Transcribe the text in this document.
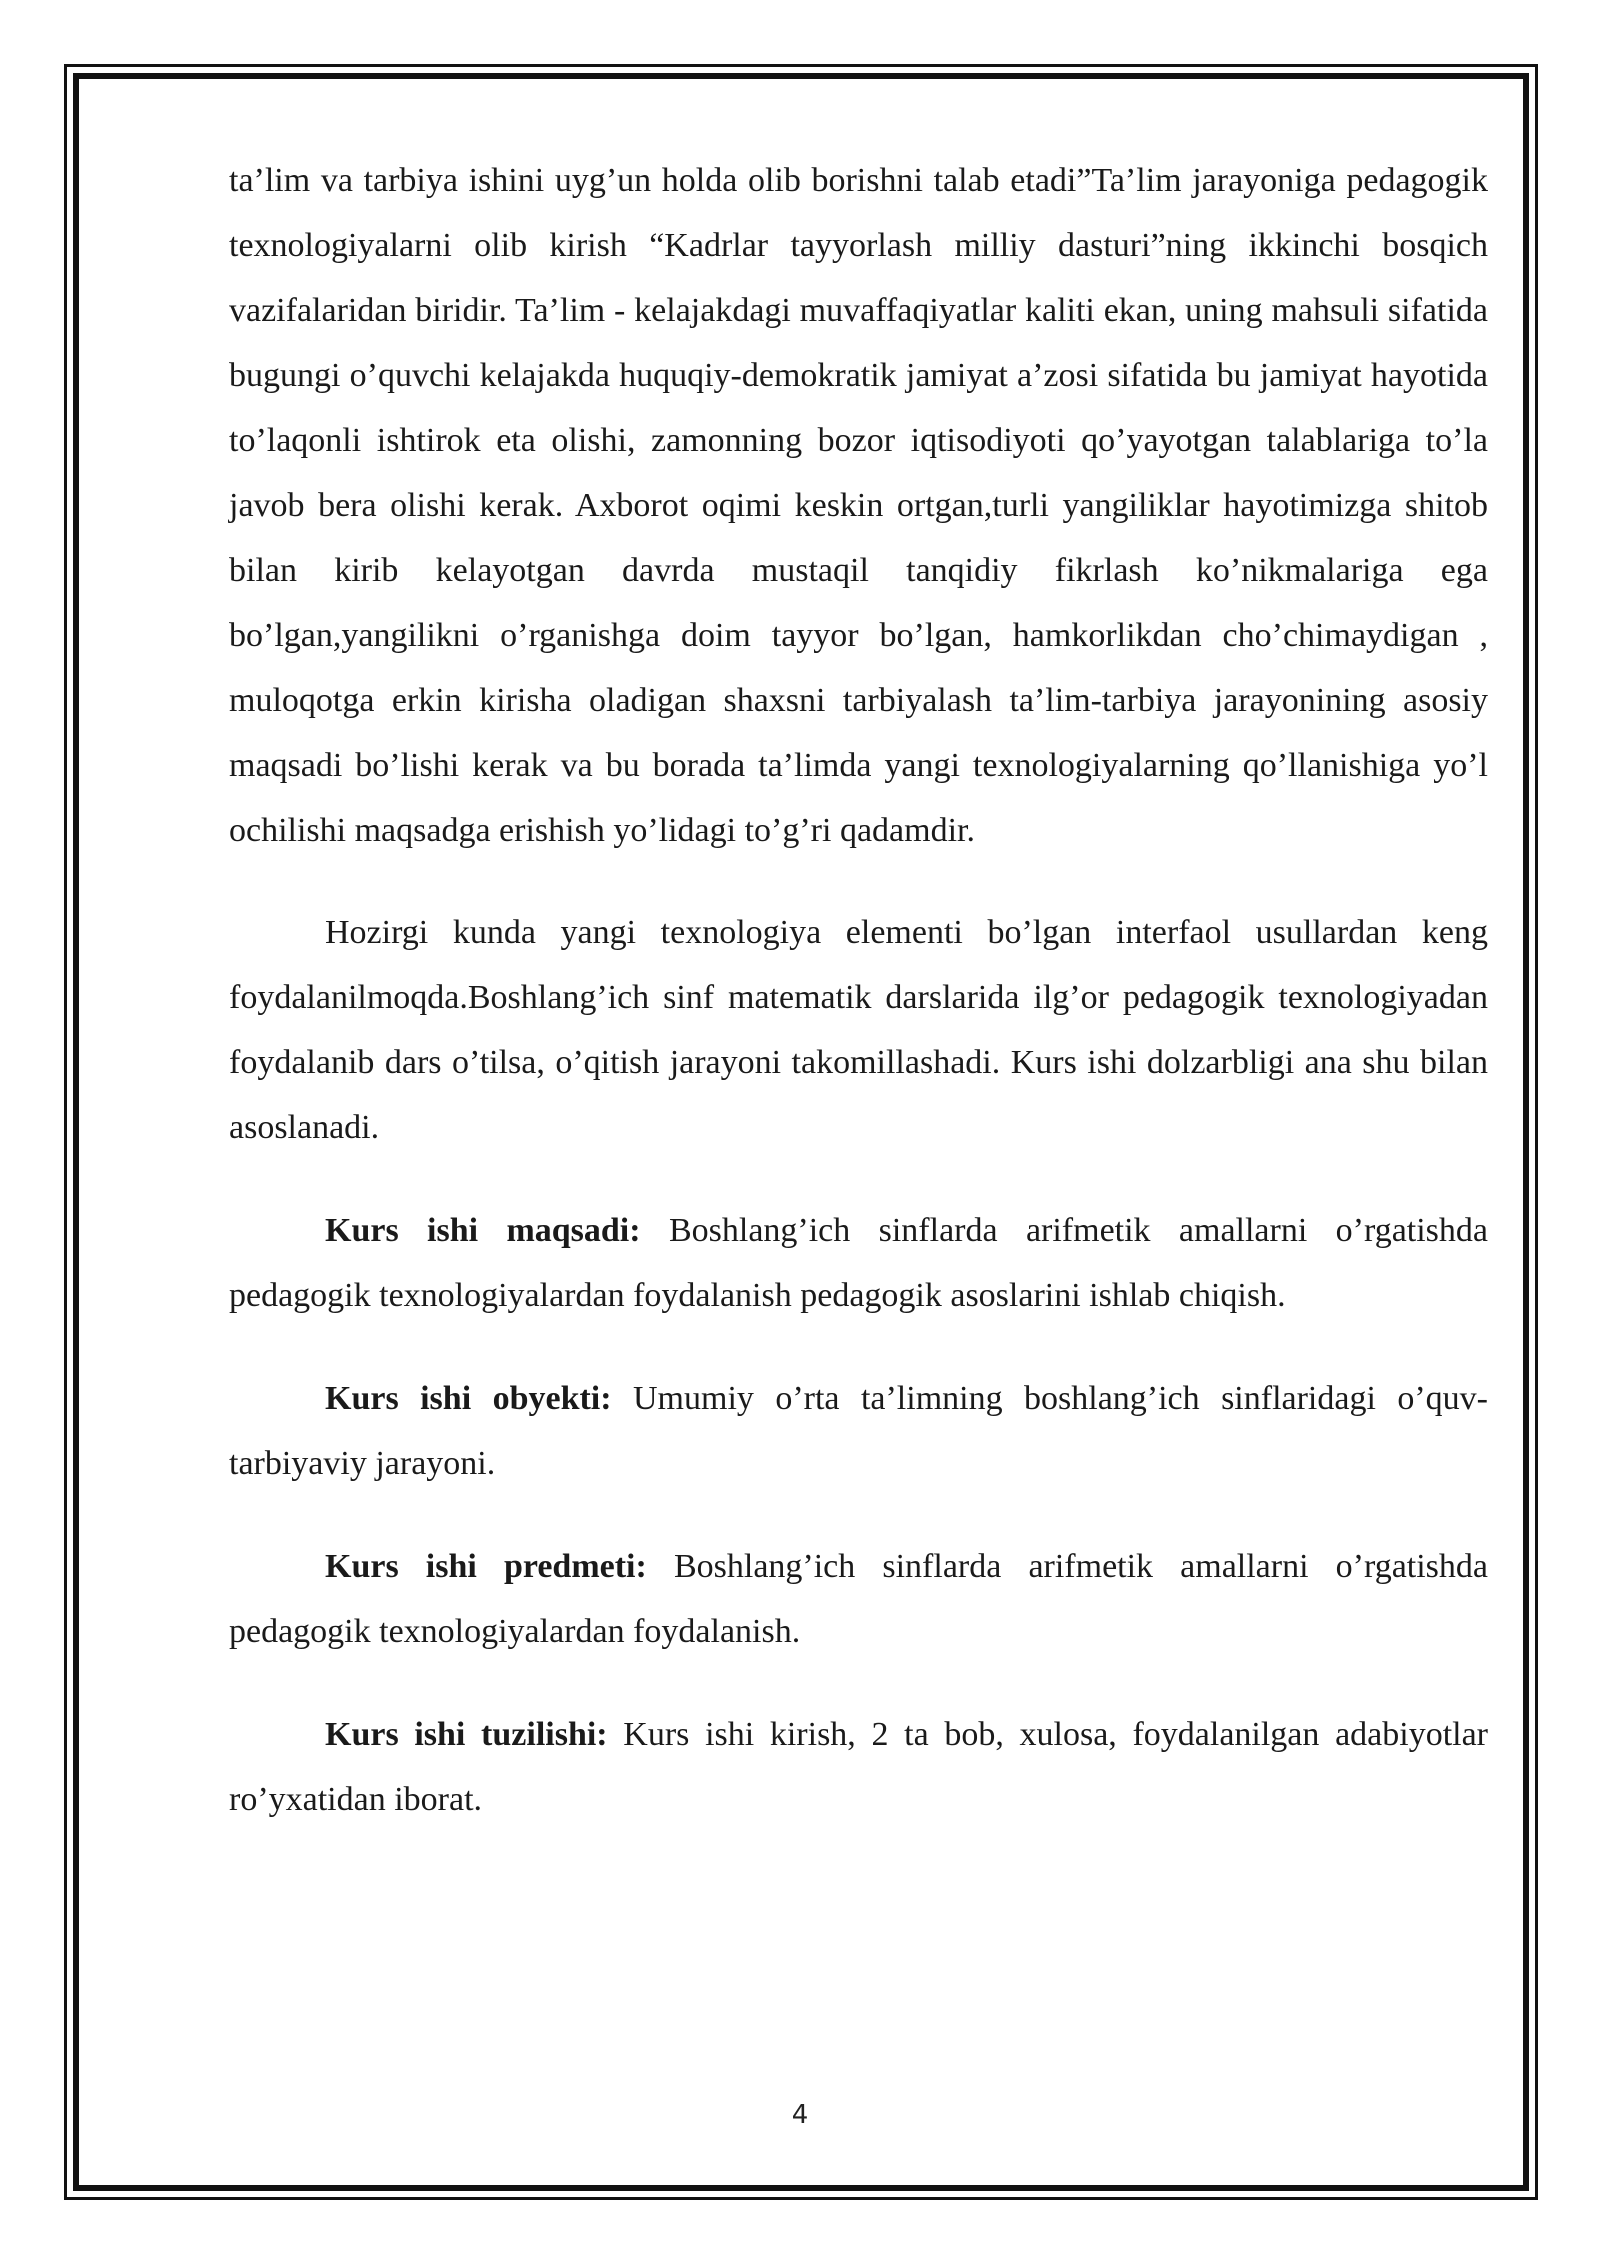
ta’lim va tarbiya ishini uyg’un holda olib borishni talab etadi”Ta’lim jarayoniga pedagogik texnologiyalarni olib kirish “Kadrlar tayyorlash milliy dasturi”ning ikkinchi bosqich vazifalaridan biridir. Ta’lim - kelajakdagi muvaffaqiyatlar kaliti ekan, uning mahsuli sifatida bugungi o’quvchi kelajakda huquqiy-demokratik jamiyat a’zosi sifatida bu jamiyat hayotida to’laqonli ishtirok eta olishi, zamonning bozor iqtisodiyoti qo’yayotgan talablariga to’la javob bera olishi kerak. Axborot oqimi keskin ortgan,turli yangiliklar hayotimizga shitob bilan kirib kelayotgan davrda mustaqil tanqidiy fikrlash ko’nikmalariga ega bo’lgan,yangilikni o’rganishga doim tayyor bo’lgan, hamkorlikdan cho’chimaydigan , muloqotga erkin kirisha oladigan shaxsni tarbiyalash ta’lim-tarbiya jarayonining asosiy maqsadi bo’lishi kerak va bu borada ta’limda yangi texnologiyalarning qo’llanishiga yo’l ochilishi maqsadga erishish yo’lidagi to’g’ri qadamdir.

Hozirgi kunda yangi texnologiya elementi bo’lgan interfaol usullardan keng foydalanilmoqda.Boshlang’ich sinf matematik darslarida ilg’or pedagogik texnologiyadan foydalanib dars o’tilsa, o’qitish jarayoni takomillashadi. Kurs ishi dolzarbligi ana shu bilan asoslanadi.

Kurs ishi maqsadi: Boshlang’ich sinflarda arifmetik amallarni o’rgatishda pedagogik texnologiyalardan foydalanish pedagogik asoslarini ishlab chiqish.

Kurs ishi obyekti: Umumiy o’rta ta’limning boshlang’ich sinflaridagi o’quv-tarbiyaviy jarayoni.

Kurs ishi predmeti: Boshlang’ich sinflarda arifmetik amallarni o’rgatishda pedagogik texnologiyalardan foydalanish.

Kurs ishi tuzilishi: Kurs ishi kirish, 2 ta bob, xulosa, foydalanilgan adabiyotlar ro’yxatidan iborat.

4
